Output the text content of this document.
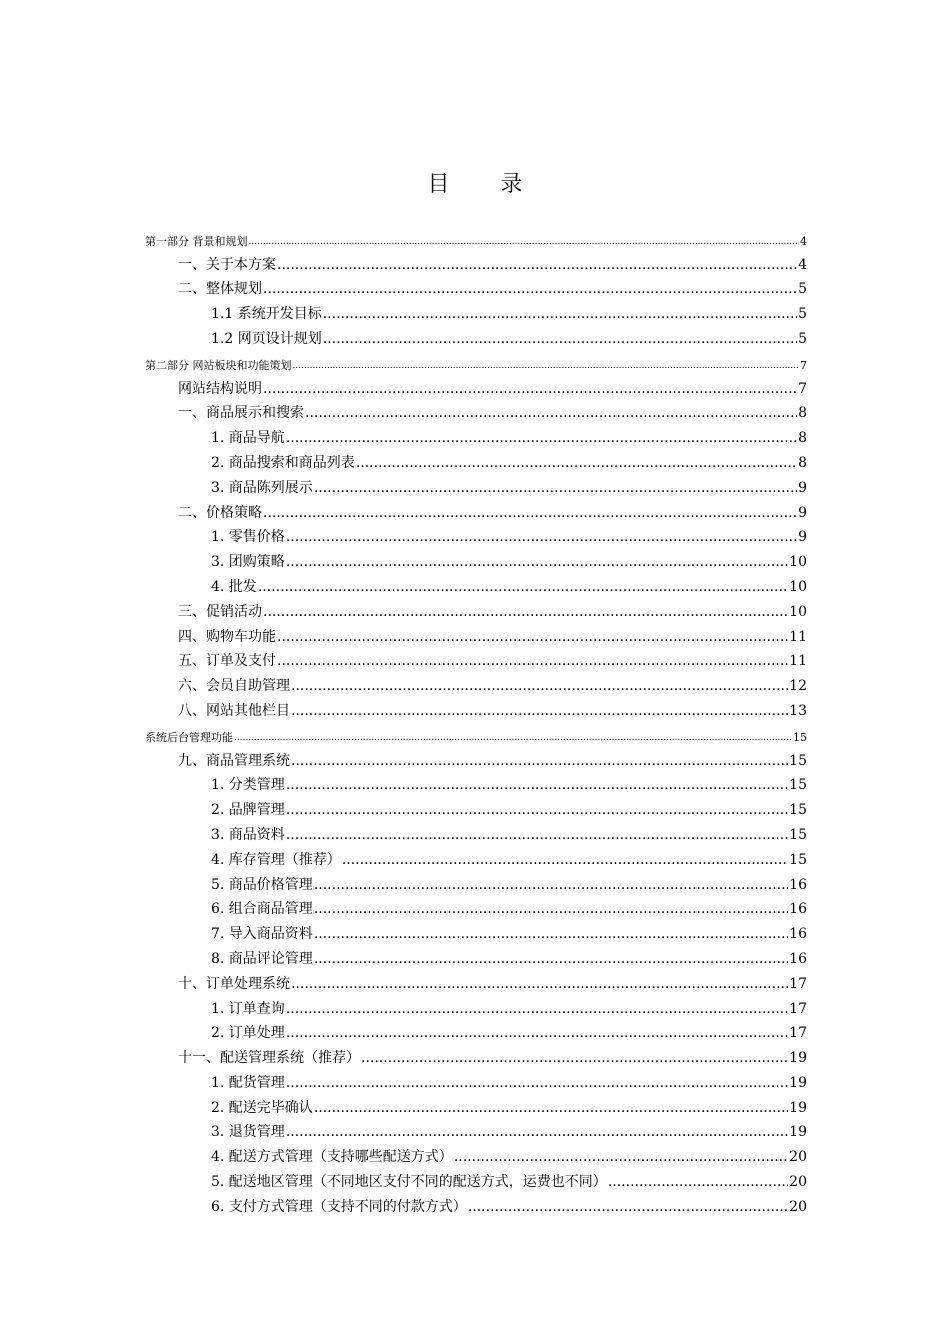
目 录
第一部分 背景和规划 .....	4
一、关于本方案 .....	4
二、整体规划 .....	5
1.1 系统开发目标 .....	5
1.2 网页设计规划 .....	5
第二部分 网站板块和功能策划 .....	7
网站结构说明 .....	7
一、商品展示和搜索 .....	8
1. 商品导航 .....	8
2. 商品搜索和商品列表 .....	8
3. 商品陈列展示 .....	9
二、价格策略 .....	9
1. 零售价格 .....	9
3. 团购策略 .....	10
4. 批发 .....	10
三、促销活动 .....	10
四、购物车功能 .....	11
五、订单及支付 .....	11
六、会员自助管理 .....	12
八、网站其他栏目 .....	13
系统后台管理功能 .....	15
九、商品管理系统 .....	15
1. 分类管理 .....	15
2. 品牌管理 .....	15
3. 商品资料 .....	15
4. 库存管理（推荐） .....	15
5. 商品价格管理 .....	16
6. 组合商品管理 .....	16
7. 导入商品资料 .....	16
8. 商品评论管理 .....	16
十、订单处理系统 .....	17
1. 订单查询 .....	17
2. 订单处理 .....	17
十一、配送管理系统（推荐） .....	19
1. 配货管理 .....	19
2. 配送完毕确认 .....	19
3. 退货管理 .....	19
4. 配送方式管理（支持哪些配送方式） .....	20
5. 配送地区管理（不同地区支付不同的配送方式，运费也不同） .....	20
6. 支付方式管理（支持不同的付款方式） .....	20
